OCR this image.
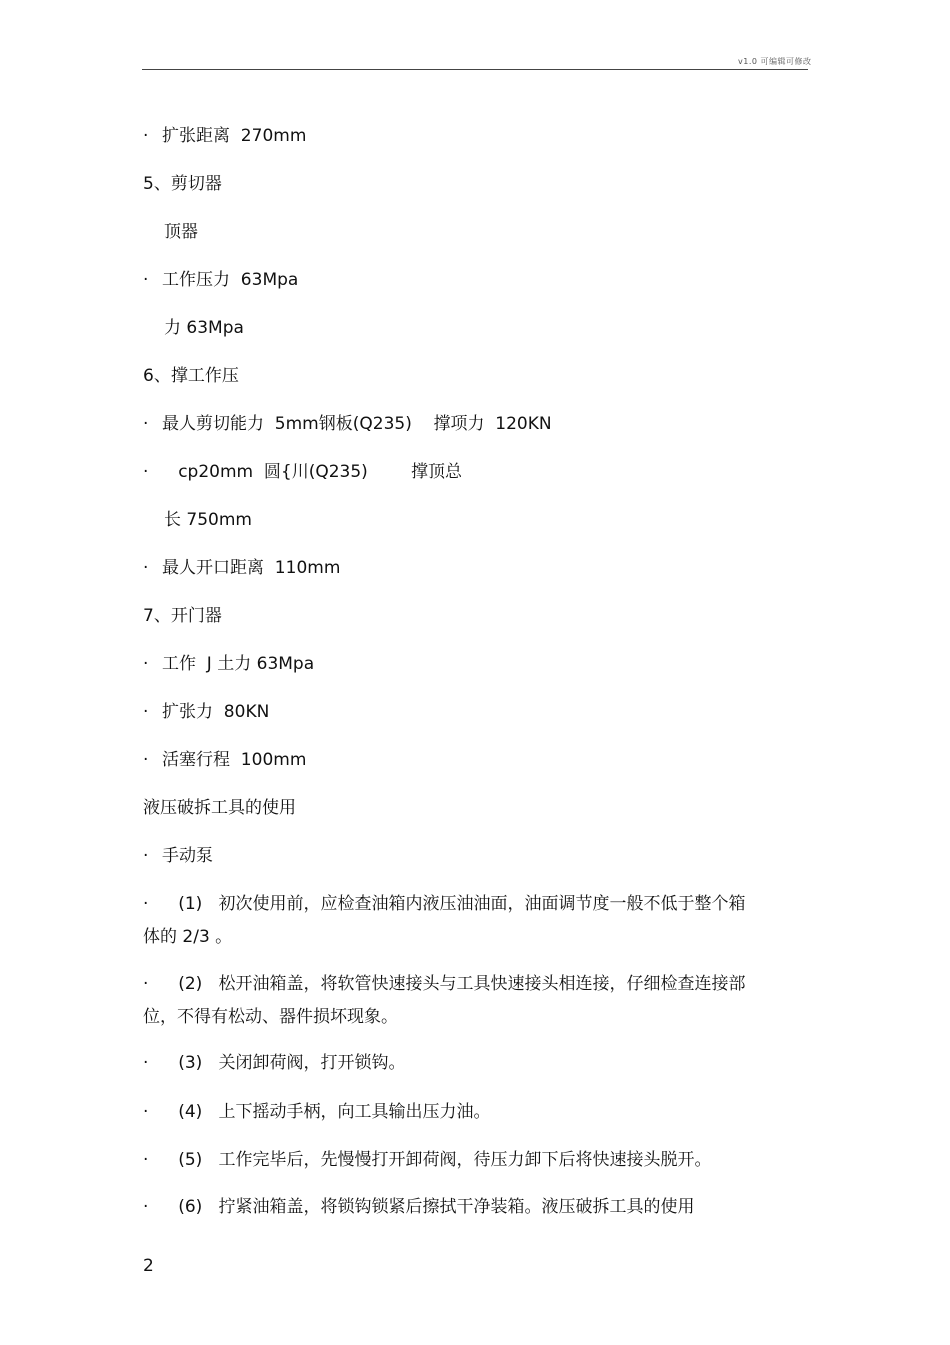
v1.0 可编辑可修改
· 扩张距离  270mm
5、剪切器
顶器
· 工作压力  63Mpa
力 63Mpa
6、撑工作压
· 最人剪切能力  5mm钢板(Q235)    撑项力  120KN
·   cp20mm  圆{川(Q235)        撑顶总
长 750mm
· 最人开口距离  110mm
7、开门器
· 工作  J 土力 63Mpa
· 扩张力  80KN
· 活塞行程  100mm
液压破拆工具的使用
· 手动泵
·   (1)   初次使用前，应检查油箱内液压油油面，油面调节度一般不低于整个箱
体的 2/3 。
·   (2)   松开油箱盖，将软管快速接头与工具快速接头相连接，仔细检查连接部
位，不得有松动、器件损坏现象。
·   (3)   关闭卸荷阀，打开锁钩。
·   (4)   上下摇动手柄，向工具输出压力油。
·   (5)   工作完毕后，先慢慢打开卸荷阀，待压力卸下后将快速接头脱开。
·   (6)   拧紧油箱盖，将锁钩锁紧后擦拭干净装箱。液压破拆工具的使用
2
